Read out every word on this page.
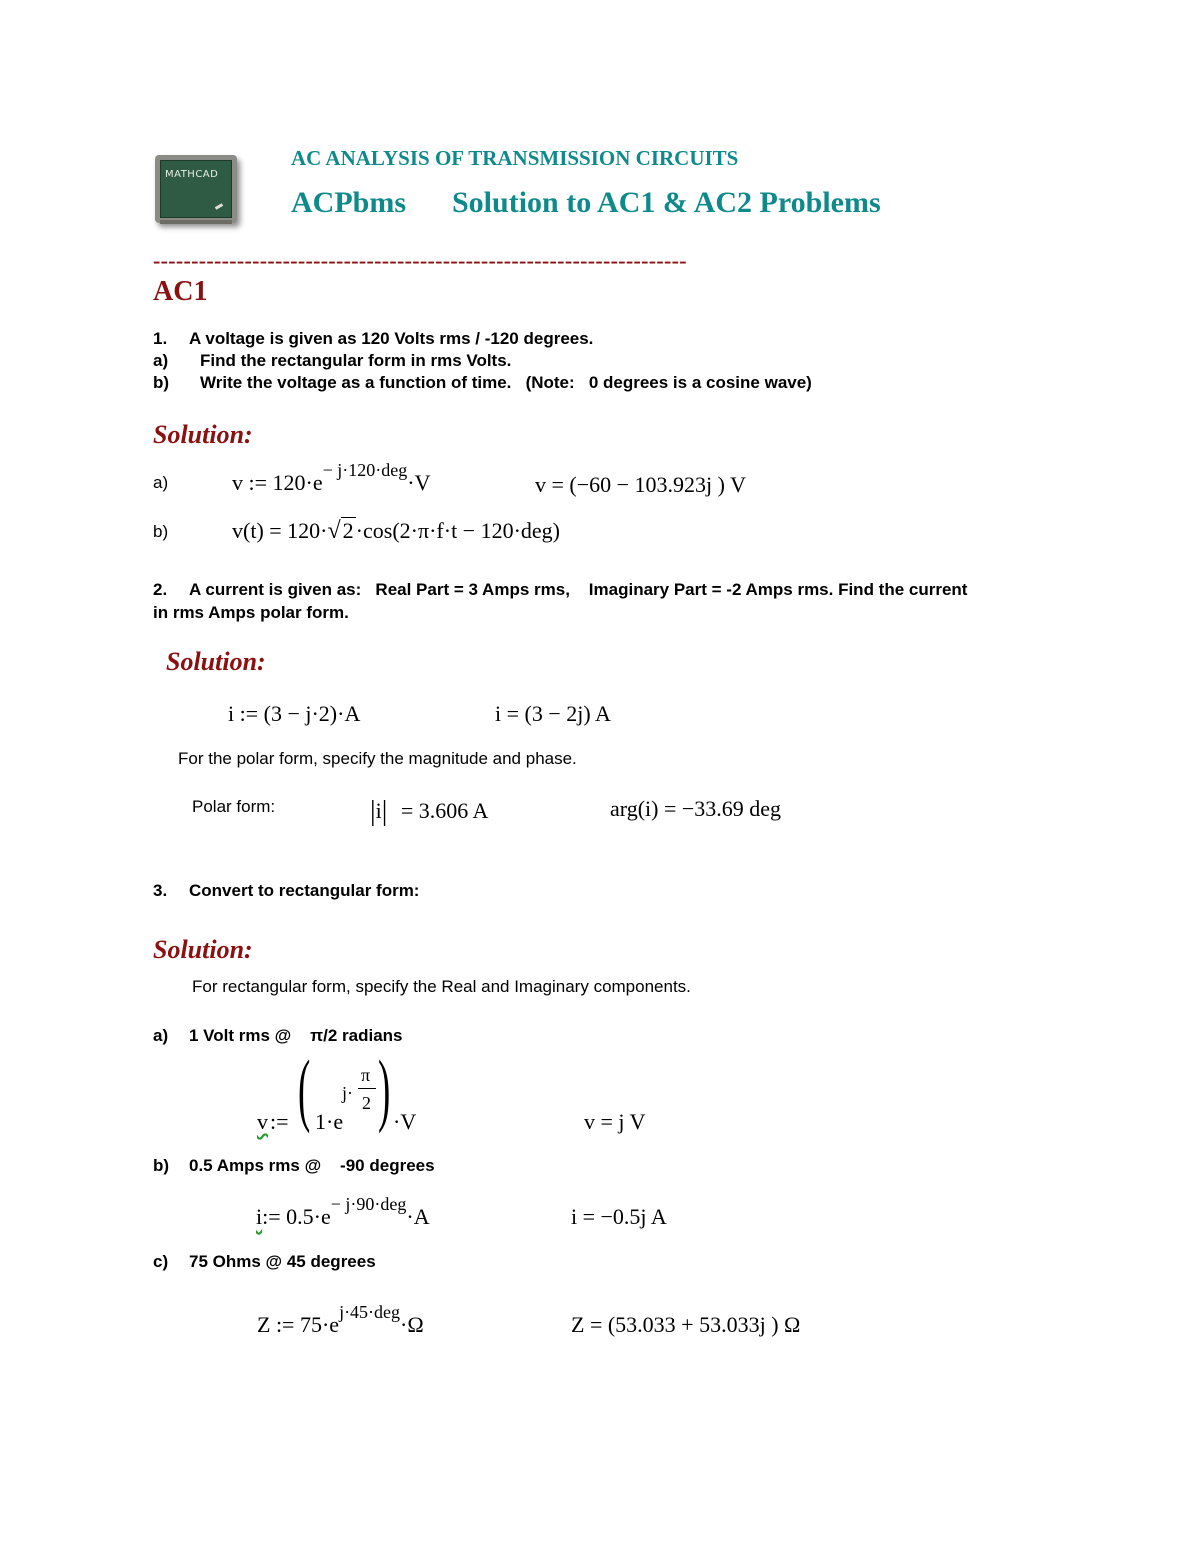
MATHCAD
AC ANALYSIS OF TRANSMISSION CIRCUITS
ACPbms Solution to AC1 & AC2 Problems
----------------------------------------------------------------------
AC1
1. A voltage is given as 120 Volts rms / -120 degrees.
a) Find the rectangular form in rms Volts.
b) Write the voltage as a function of time.   (Note:   0 degrees is a cosine wave)
Solution:
a)	v := $120\cdot e^{- j\cdot 120\cdot deg}\cdot V$	v = (−60 − 103.923j ) V
b)	v(t) = 120·√2·cos(2·π·f·t − 120·deg)
2. A current is given as:   Real Part = 3 Amps rms,    Imaginary Part = -2 Amps rms. Find the current
in rms Amps polar form.
Solution:
i := (3 − j·2)·A	i = (3 − 2j) A
For the polar form, specify the magnitude and phase.
Polar form:	|i| = 3.606 A	arg(i) = −33.69 deg
3. Convert to rectangular form:
Solution:
For rectangular form, specify the Real and Imaginary components.
a) 1 Volt rms @    π/2 radians
v:= ( 1·e
j·
π
2 ) ·V	v = j V
b) 0.5 Amps rms @    -90 degrees
i:= $0.5\cdot e^{- j\cdot 90\cdot deg}\cdot A$	i = −0.5j A
c) 75 Ohms @ 45 degrees
Z := $75\cdot e^{j\cdot 45\cdot deg}\cdot\Omega$	Z = (53.033 + 53.033j ) Ω
